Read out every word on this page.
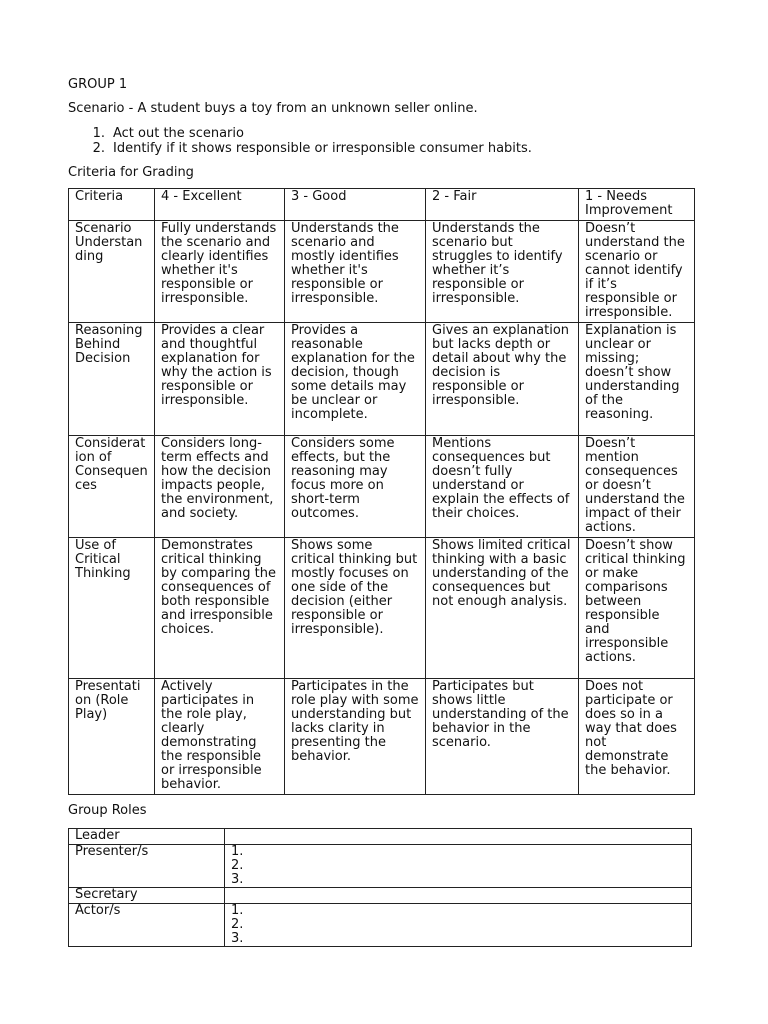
GROUP 1

Scenario - A student buys a toy from an unknown seller online.

1. Act out the scenario
2. Identify if it shows responsible or irresponsible consumer habits.

Criteria for Grading

Criteria	4 - Excellent	3 - Good	2 - Fair	1 - Needs Improvement
Scenario Understanding	Fully understands the scenario and clearly identifies whether it's responsible or irresponsible.	Understands the scenario and mostly identifies whether it's responsible or irresponsible.	Understands the scenario but struggles to identify whether it’s responsible or irresponsible.	Doesn’t understand the scenario or cannot identify if it’s responsible or irresponsible.
Reasoning Behind Decision	Provides a clear and thoughtful explanation for why the action is responsible or irresponsible.	Provides a reasonable explanation for the decision, though some details may be unclear or incomplete.	Gives an explanation but lacks depth or detail about why the decision is responsible or irresponsible.	Explanation is unclear or missing; doesn’t show understanding of the reasoning.
Consideration of Consequences	Considers long-term effects and how the decision impacts people, the environment, and society.	Considers some effects, but the reasoning may focus more on short-term outcomes.	Mentions consequences but doesn’t fully understand or explain the effects of their choices.	Doesn’t mention consequences or doesn’t understand the impact of their actions.
Use of Critical Thinking	Demonstrates critical thinking by comparing the consequences of both responsible and irresponsible choices.	Shows some critical thinking but mostly focuses on one side of the decision (either responsible or irresponsible).	Shows limited critical thinking with a basic understanding of the consequences but not enough analysis.	Doesn’t show critical thinking or make comparisons between responsible and irresponsible actions.
Presentation (Role Play)	Actively participates in the role play, clearly demonstrating the responsible or irresponsible behavior.	Participates in the role play with some understanding but lacks clarity in presenting the behavior.	Participates but shows little understanding of the behavior in the scenario.	Does not participate or does so in a way that does not demonstrate the behavior.

Group Roles

Leader	
Presenter/s	1.
2.
3.

Secretary	
Actor/s	1.
2.
3.
